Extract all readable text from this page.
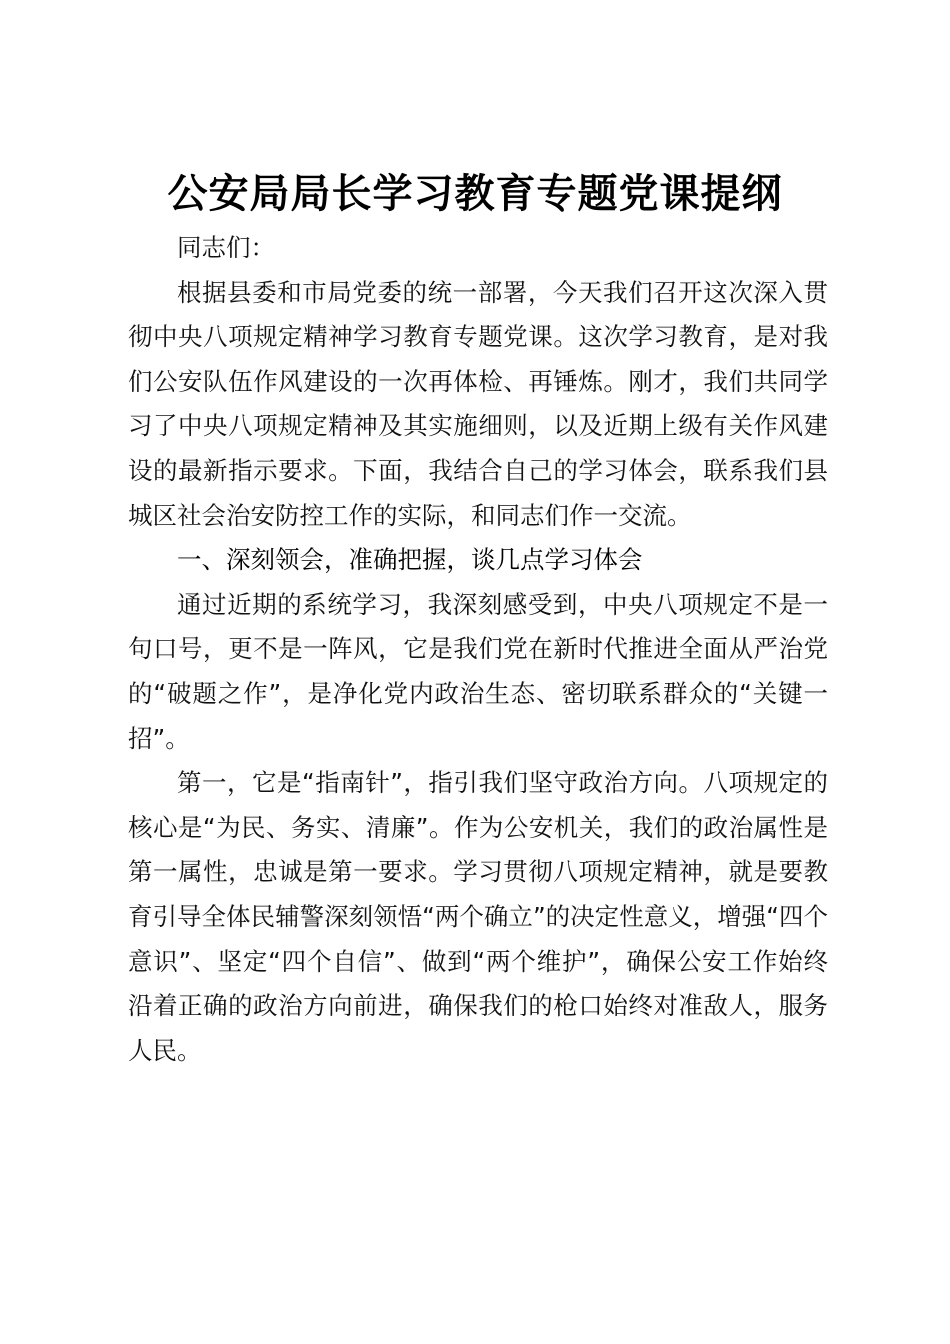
公安局局长学习教育专题党课提纲

同志们：

根据县委和市局党委的统一部署，今天我们召开这次深入贯彻中央八项规定精神学习教育专题党课。这次学习教育，是对我们公安队伍作风建设的一次再体检、再锤炼。刚才，我们共同学习了中央八项规定精神及其实施细则，以及近期上级有关作风建设的最新指示要求。下面，我结合自己的学习体会，联系我们县城区社会治安防控工作的实际，和同志们作一交流。

一、深刻领会，准确把握，谈几点学习体会

通过近期的系统学习，我深刻感受到，中央八项规定不是一句口号，更不是一阵风，它是我们党在新时代推进全面从严治党的“破题之作”，是净化党内政治生态、密切联系群众的“关键一招”。

第一，它是“指南针”，指引我们坚守政治方向。八项规定的核心是“为民、务实、清廉”。作为公安机关，我们的政治属性是第一属性，忠诚是第一要求。学习贯彻八项规定精神，就是要教育引导全体民辅警深刻领悟“两个确立”的决定性意义，增强“四个意识”、坚定“四个自信”、做到“两个维护”，确保公安工作始终沿着正确的政治方向前进，确保我们的枪口始终对准敌人，服务人民。
